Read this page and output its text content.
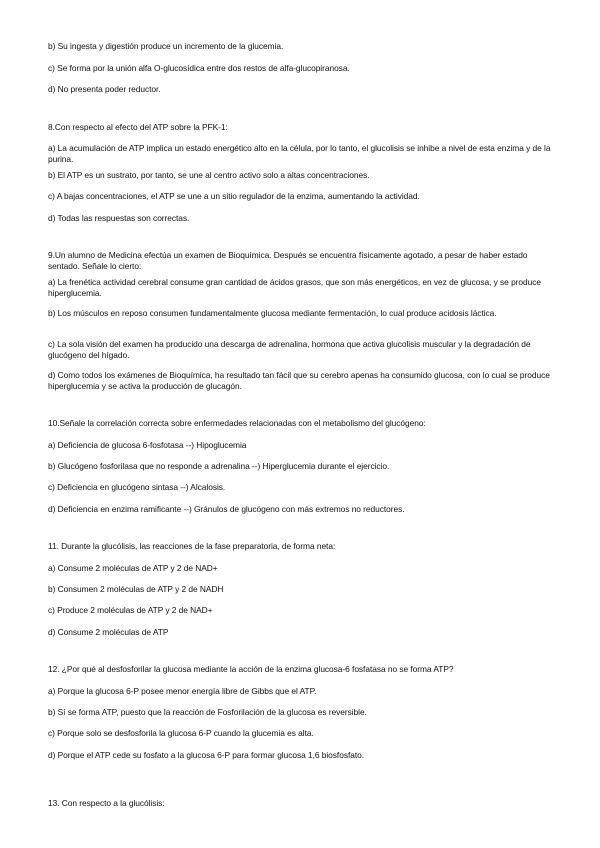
b) Su ingesta y digestión produce un incremento de la glucemia.
c) Se forma por la unión alfa O-glucosídica entre dos restos de alfa-glucopiranosa.
d) No presenta poder reductor.
8.Con respecto al efecto del ATP sobre la PFK-1:
a) La acumulación de ATP implica un estado energético alto en la célula, por lo tanto, el glucolisis se inhibe a nivel de esta enzima y de la purina.
b) El ATP es un sustrato, por tanto, se une al centro activo solo a altas concentraciones.
c) A bajas concentraciones, el ATP se une a un sitio regulador de la enzima, aumentando la actividad.
d) Todas las respuestas son correctas.
9.Un alumno de Medicina efectúa un examen de Bioquímica. Después se encuentra físicamente agotado, a pesar de haber estado sentado. Señale lo cierto:
a) La frenética actividad cerebral consume gran cantidad de ácidos grasos, que son más energéticos, en vez de glucosa, y se produce hiperglucemia.
b) Los músculos en reposo consumen fundamentalmente glucosa mediante fermentación, lo cual produce acidosis láctica.
c) La sola visión del examen ha producido una descarga de adrenalina, hormona que activa glucolisis muscular y la degradación de glucógeno del hígado.
d) Como todos los exámenes de Bioquímica, ha resultado tan fácil que su cerebro apenas ha consumido glucosa, con lo cual se produce hiperglucemia y se activa la producción de glucagón.
10.Señale la correlación correcta sobre enfermedades relacionadas con el metabolismo del glucógeno:
a) Deficiencia de glucosa 6-fosfotasa --) Hipoglucemia
b) Glucógeno fosforilasa que no responde a adrenalina --) Hiperglucemia durante el ejercicio.
c) Deficiencia en glucógeno sintasa --) Alcalosis.
d) Deficiencia en enzima ramificante --) Gránulos de glucógeno con más extremos no reductores.
11. Durante la glucólisis, las reacciones de la fase preparatoria, de forma neta:
a) Consume 2 moléculas de ATP y 2 de NAD+
b) Consumen 2 moléculas de ATP y 2 de NADH
c) Produce 2 moléculas de ATP y 2 de NAD+
d) Consume 2 moléculas de ATP
12. ¿Por qué al desfosforilar la glucosa mediante la acción de la enzima glucosa-6 fosfatasa no se forma ATP?
a) Porque la glucosa 6-P posee menor energía libre de Gibbs que el ATP.
b) Sí se forma ATP, puesto que la reacción de Fosforilación de la glucosa es reversible.
c) Porque solo se desfosforila la glucosa 6-P cuando la glucemia es alta.
d) Porque el ATP cede su fosfato a la glucosa 6-P para formar glucosa 1,6 biosfosfato.
13. Con respecto a la glucólisis:
